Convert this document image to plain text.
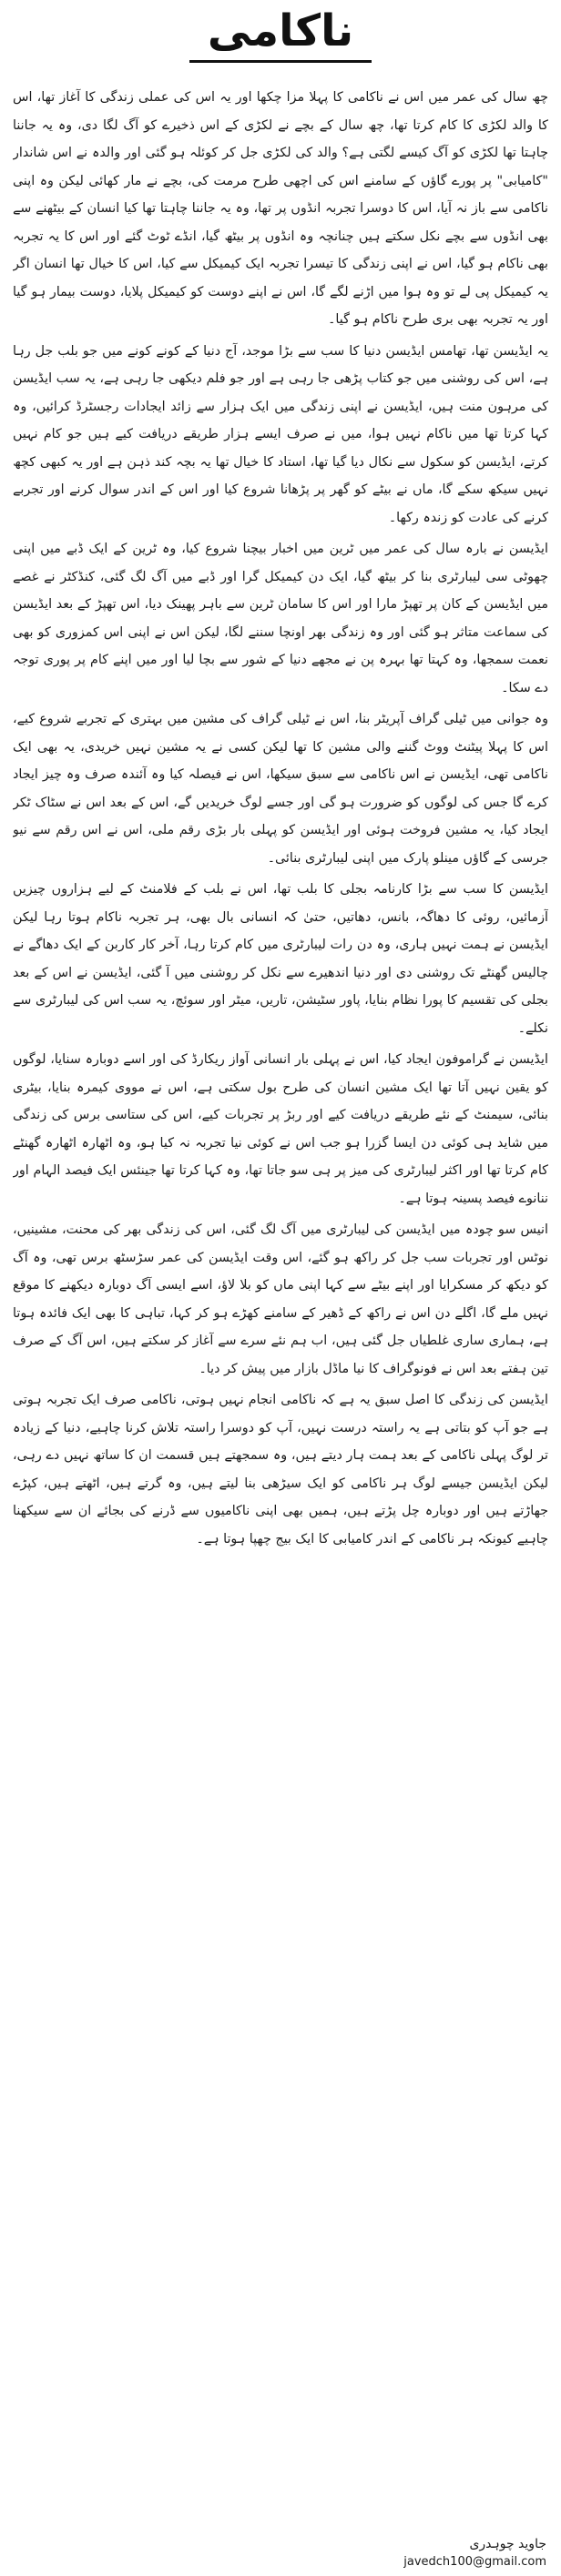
ناکامی

چھ سال کی عمر میں اس نے ناکامی کا پہلا مزا چکھا اور یہ اس کی عملی زندگی کا آغاز تھا، اس کا والد لکڑی کا کام کرتا تھا، چھ سال کے بچے نے لکڑی کے اس ذخیرے کو آگ لگا دی، وہ یہ جاننا چاہتا تھا لکڑی کو آگ کیسے لگتی ہے؟ والد کی لکڑی جل کر کوئلہ ہو گئی اور والدہ نے اس شاندار "کامیابی" پر پورے گاؤں کے سامنے اس کی اچھی طرح مرمت کی، بچے نے مار کھائی لیکن وہ اپنی ناکامی سے باز نہ آیا، اس کا دوسرا تجربہ انڈوں پر تھا، وہ یہ جاننا چاہتا تھا کیا انسان کے بیٹھنے سے بھی انڈوں سے بچے نکل سکتے ہیں چنانچہ وہ انڈوں پر بیٹھ گیا، انڈے ٹوٹ گئے اور اس کا یہ تجربہ بھی ناکام ہو گیا، اس نے اپنی زندگی کا تیسرا تجربہ ایک کیمیکل سے کیا، اس کا خیال تھا انسان اگر یہ کیمیکل پی لے تو وہ ہوا میں اڑنے لگے گا، اس نے اپنے دوست کو کیمیکل پلایا، دوست بیمار ہو گیا اور یہ تجربہ بھی بری طرح ناکام ہو گیا۔

یہ ایڈیسن تھا، تھامس ایڈیسن دنیا کا سب سے بڑا موجد، آج دنیا کے کونے کونے میں جو بلب جل رہا ہے، اس کی روشنی میں جو کتاب پڑھی جا رہی ہے اور جو فلم دیکھی جا رہی ہے، یہ سب ایڈیسن کی مرہون منت ہیں، ایڈیسن نے اپنی زندگی میں ایک ہزار سے زائد ایجادات رجسٹرڈ کرائیں، وہ کہا کرتا تھا میں ناکام نہیں ہوا، میں نے صرف ایسے ہزار طریقے دریافت کیے ہیں جو کام نہیں کرتے، ایڈیسن کو سکول سے نکال دیا گیا تھا، استاد کا خیال تھا یہ بچہ کند ذہن ہے اور یہ کبھی کچھ نہیں سیکھ سکے گا، ماں نے بیٹے کو گھر پر پڑھانا شروع کیا اور اس کے اندر سوال کرنے اور تجربے کرنے کی عادت کو زندہ رکھا۔

ایڈیسن نے بارہ سال کی عمر میں ٹرین میں اخبار بیچنا شروع کیا، وہ ٹرین کے ایک ڈبے میں اپنی چھوٹی سی لیبارٹری بنا کر بیٹھ گیا، ایک دن کیمیکل گرا اور ڈبے میں آگ لگ گئی، کنڈکٹر نے غصے میں ایڈیسن کے کان پر تھپڑ مارا اور اس کا سامان ٹرین سے باہر پھینک دیا، اس تھپڑ کے بعد ایڈیسن کی سماعت متاثر ہو گئی اور وہ زندگی بھر اونچا سننے لگا، لیکن اس نے اپنی اس کمزوری کو بھی نعمت سمجھا، وہ کہتا تھا بہرہ پن نے مجھے دنیا کے شور سے بچا لیا اور میں اپنے کام پر پوری توجہ دے سکا۔

وہ جوانی میں ٹیلی گراف آپریٹر بنا، اس نے ٹیلی گراف کی مشین میں بہتری کے تجربے شروع کیے، اس کا پہلا پیٹنٹ ووٹ گننے والی مشین کا تھا لیکن کسی نے یہ مشین نہیں خریدی، یہ بھی ایک ناکامی تھی، ایڈیسن نے اس ناکامی سے سبق سیکھا، اس نے فیصلہ کیا وہ آئندہ صرف وہ چیز ایجاد کرے گا جس کی لوگوں کو ضرورت ہو گی اور جسے لوگ خریدیں گے، اس کے بعد اس نے سٹاک ٹکر ایجاد کیا، یہ مشین فروخت ہوئی اور ایڈیسن کو پہلی بار بڑی رقم ملی، اس نے اس رقم سے نیو جرسی کے گاؤں مینلو پارک میں اپنی لیبارٹری بنائی۔

ایڈیسن کا سب سے بڑا کارنامہ بجلی کا بلب تھا، اس نے بلب کے فلامنٹ کے لیے ہزاروں چیزیں آزمائیں، روئی کا دھاگہ، بانس، دھاتیں، حتیٰ کہ انسانی بال بھی، ہر تجربہ ناکام ہوتا رہا لیکن ایڈیسن نے ہمت نہیں ہاری، وہ دن رات لیبارٹری میں کام کرتا رہا، آخر کار کاربن کے ایک دھاگے نے چالیس گھنٹے تک روشنی دی اور دنیا اندھیرے سے نکل کر روشنی میں آ گئی، ایڈیسن نے اس کے بعد بجلی کی تقسیم کا پورا نظام بنایا، پاور سٹیشن، تاریں، میٹر اور سوئچ، یہ سب اس کی لیبارٹری سے نکلے۔

ایڈیسن نے گراموفون ایجاد کیا، اس نے پہلی بار انسانی آواز ریکارڈ کی اور اسے دوبارہ سنایا، لوگوں کو یقین نہیں آتا تھا ایک مشین انسان کی طرح بول سکتی ہے، اس نے مووی کیمرہ بنایا، بیٹری بنائی، سیمنٹ کے نئے طریقے دریافت کیے اور ربڑ پر تجربات کیے، اس کی ستاسی برس کی زندگی میں شاید ہی کوئی دن ایسا گزرا ہو جب اس نے کوئی نیا تجربہ نہ کیا ہو، وہ اٹھارہ اٹھارہ گھنٹے کام کرتا تھا اور اکثر لیبارٹری کی میز پر ہی سو جاتا تھا، وہ کہا کرتا تھا جینئس ایک فیصد الہام اور ننانوے فیصد پسینہ ہوتا ہے۔

انیس سو چودہ میں ایڈیسن کی لیبارٹری میں آگ لگ گئی، اس کی زندگی بھر کی محنت، مشینیں، نوٹس اور تجربات سب جل کر راکھ ہو گئے، اس وقت ایڈیسن کی عمر سڑسٹھ برس تھی، وہ آگ کو دیکھ کر مسکرایا اور اپنے بیٹے سے کہا اپنی ماں کو بلا لاؤ، اسے ایسی آگ دوبارہ دیکھنے کا موقع نہیں ملے گا، اگلے دن اس نے راکھ کے ڈھیر کے سامنے کھڑے ہو کر کہا، تباہی کا بھی ایک فائدہ ہوتا ہے، ہماری ساری غلطیاں جل گئی ہیں، اب ہم نئے سرے سے آغاز کر سکتے ہیں، اس آگ کے صرف تین ہفتے بعد اس نے فونوگراف کا نیا ماڈل بازار میں پیش کر دیا۔

ایڈیسن کی زندگی کا اصل سبق یہ ہے کہ ناکامی انجام نہیں ہوتی، ناکامی صرف ایک تجربہ ہوتی ہے جو آپ کو بتاتی ہے یہ راستہ درست نہیں، آپ کو دوسرا راستہ تلاش کرنا چاہیے، دنیا کے زیادہ تر لوگ پہلی ناکامی کے بعد ہمت ہار دیتے ہیں، وہ سمجھتے ہیں قسمت ان کا ساتھ نہیں دے رہی، لیکن ایڈیسن جیسے لوگ ہر ناکامی کو ایک سیڑھی بنا لیتے ہیں، وہ گرتے ہیں، اٹھتے ہیں، کپڑے جھاڑتے ہیں اور دوبارہ چل پڑتے ہیں، ہمیں بھی اپنی ناکامیوں سے ڈرنے کی بجائے ان سے سیکھنا چاہیے کیونکہ ہر ناکامی کے اندر کامیابی کا ایک بیج چھپا ہوتا ہے۔

جاوید چوہدری
javedch100@gmail.com
